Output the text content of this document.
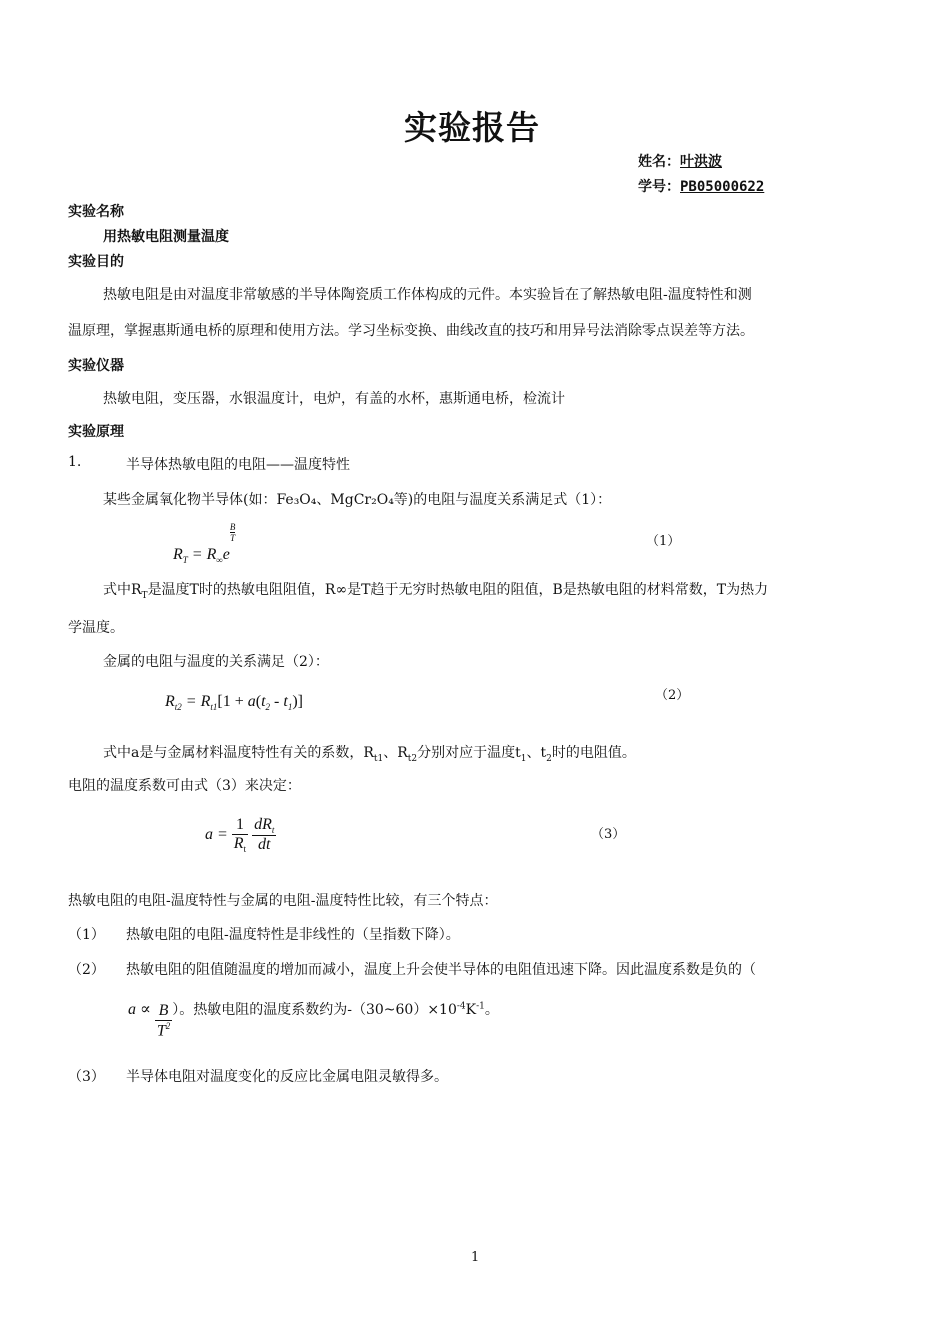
实验报告
姓名：叶洪波
学号：PB05000622
实验名称
用热敏电阻测量温度
实验目的
热敏电阻是由对温度非常敏感的半导体陶瓷质工作体构成的元件。本实验旨在了解热敏电阻-温度特性和测
温原理，掌握惠斯通电桥的原理和使用方法。学习坐标变换、曲线改直的技巧和用异号法消除零点误差等方法。
实验仪器
热敏电阻，变压器，水银温度计，电炉，有盖的水杯，惠斯通电桥，检流计
实验原理
1.	半导体热敏电阻的电阻——温度特性
某些金属氧化物半导体(如：Fe₃O₄、MgCr₂O₄等)的电阻与温度关系满足式（1）：
$R_T = R_\infty e$
$\frac{B}{T}$	（1）
式中$R_T$是温度T时的热敏电阻阻值，R∞是T趋于无穷时热敏电阻的阻值，B是热敏电阻的材料常数，T为热力
学温度。
金属的电阻与温度的关系满足（2）：
$R_{t2} = R_{t1}[1 + a(t_2 - t_1)]$	（2）
式中a是与金属材料温度特性有关的系数，$R_{t1}$、$R_{t2}$分别对应于温度$t_1$、$t_2$时的电阻值。
电阻的温度系数可由式（3）来决定：
$a = \frac{1}{R_t}$
$\frac{dR_t}{dt}$	（3）
热敏电阻的电阻-温度特性与金属的电阻-温度特性比较，有三个特点：
（1） 热敏电阻的电阻-温度特性是非线性的（呈指数下降）。
（2） 热敏电阻的阻值随温度的增加而减小，温度上升会使半导体的电阻值迅速下降。因此温度系数是负的（
$a \propto \frac{B}{T^2}$ ）。热敏电阻的温度系数约为$-(30\sim 60)\times 10^{-4}K^{-1}$。
（3） 半导体电阻对温度变化的反应比金属电阻灵敏得多。
1
